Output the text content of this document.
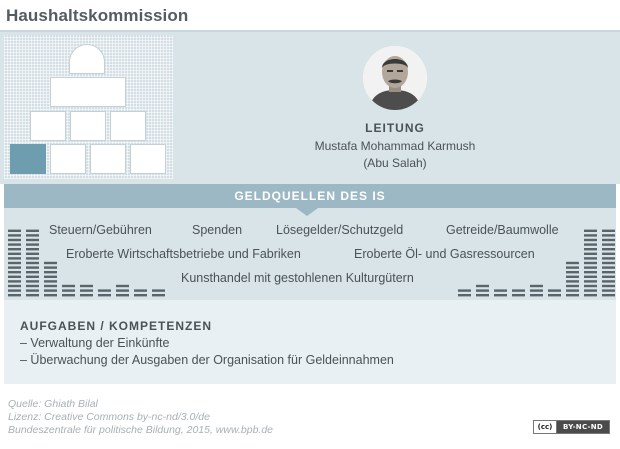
Haushaltskommission
LEITUNG
Mustafa Mohammad Karmush
(Abu Salah)
GELDQUELLEN DES IS
Steuern/Gebühren	Spenden	Lösegelder/Schutzgeld	Getreide/Baumwolle
Eroberte Wirtschaftsbetriebe und Fabriken	Eroberte Öl- und Gasressourcen
Kunsthandel mit gestohlenen Kulturgütern
AUFGABEN / KOMPETENZEN
– Verwaltung der Einkünfte
– Überwachung der Ausgaben der Organisation für Geldeinnahmen
Quelle: Ghiath Bilal
Lizenz: Creative Commons by-nc-nd/3.0/de
Bundeszentrale für politische Bildung, 2015, www.bpb.de	(cc)	BY-NC-ND
